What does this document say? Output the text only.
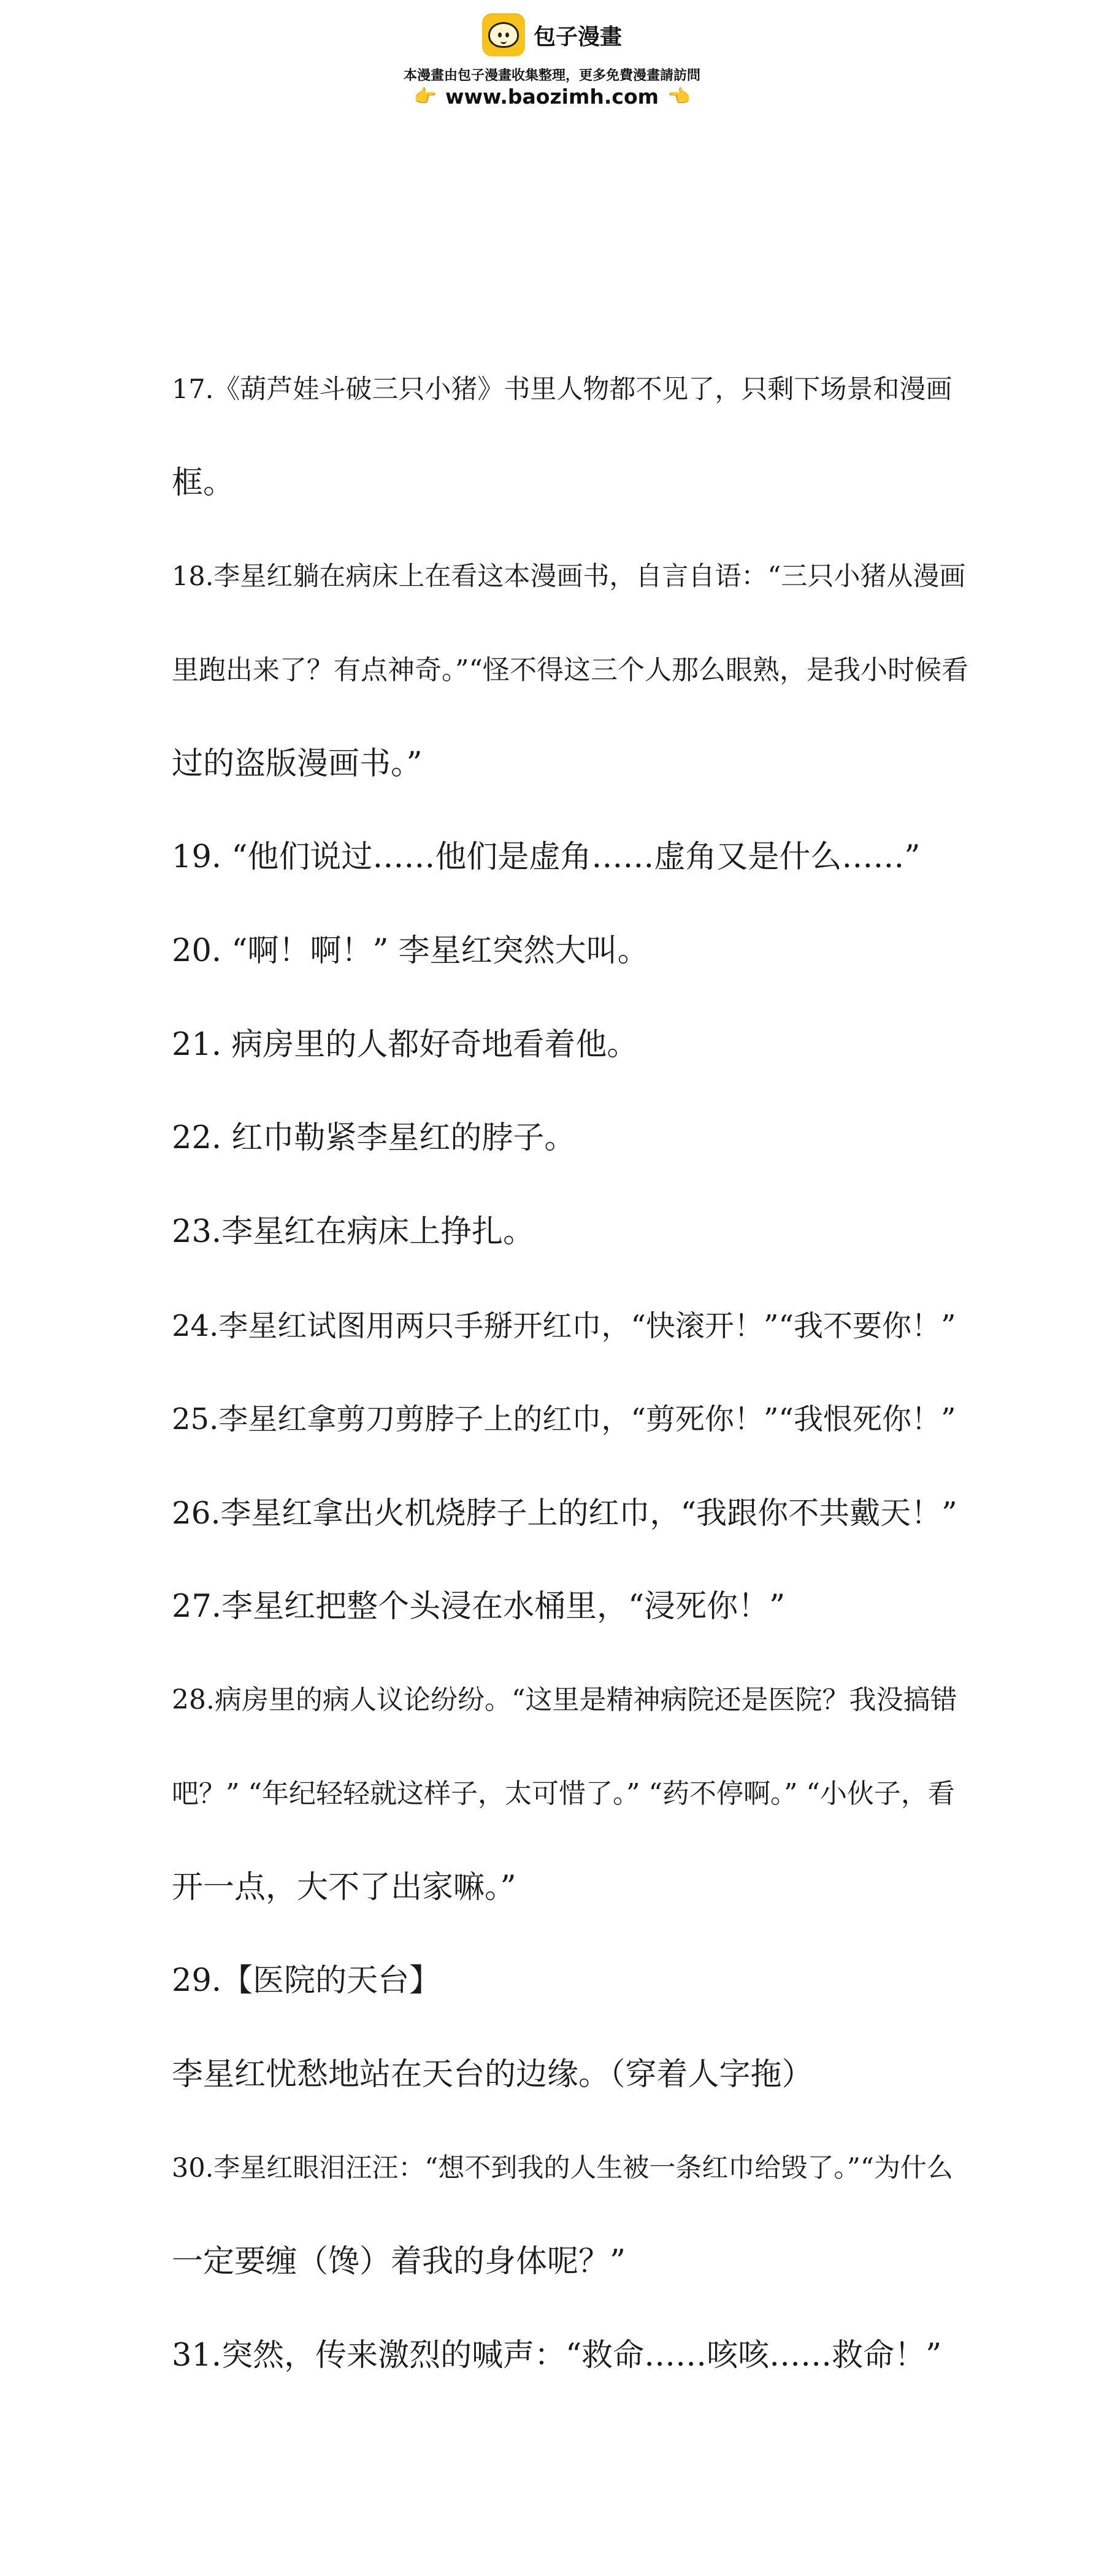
包子漫畫
本漫畫由包子漫畫收集整理，更多免費漫畫請訪問
👉 www.baozimh.com 👈
17.《葫芦娃斗破三只小猪》书里人物都不见了，只剩下场景和漫画
框。
18.李星红躺在病床上在看这本漫画书，自言自语：“三只小猪从漫画
里跑出来了？有点神奇。”“怪不得这三个人那么眼熟，是我小时候看
过的盗版漫画书。”
19. “他们说过……他们是虚角……虚角又是什么……”
20. “啊！啊！” 李星红突然大叫。
21. 病房里的人都好奇地看着他。
22. 红巾勒紧李星红的脖子。
23.李星红在病床上挣扎。
24.李星红试图用两只手掰开红巾，“快滚开！”“我不要你！”
25.李星红拿剪刀剪脖子上的红巾，“剪死你！”“我恨死你！”
26.李星红拿出火机烧脖子上的红巾，“我跟你不共戴天！”
27.李星红把整个头浸在水桶里，“浸死你！”
28.病房里的病人议论纷纷。“这里是精神病院还是医院？我没搞错
吧？” “年纪轻轻就这样子，太可惜了。” “药不停啊。” “小伙子，看
开一点，大不了出家嘛。”
29.【医院的天台】
李星红忧愁地站在天台的边缘。（穿着人字拖）
30.李星红眼泪汪汪：“想不到我的人生被一条红巾给毁了。”“为什么
一定要缠（馋）着我的身体呢？”
31.突然，传来激烈的喊声：“救命……咳咳……救命！”
